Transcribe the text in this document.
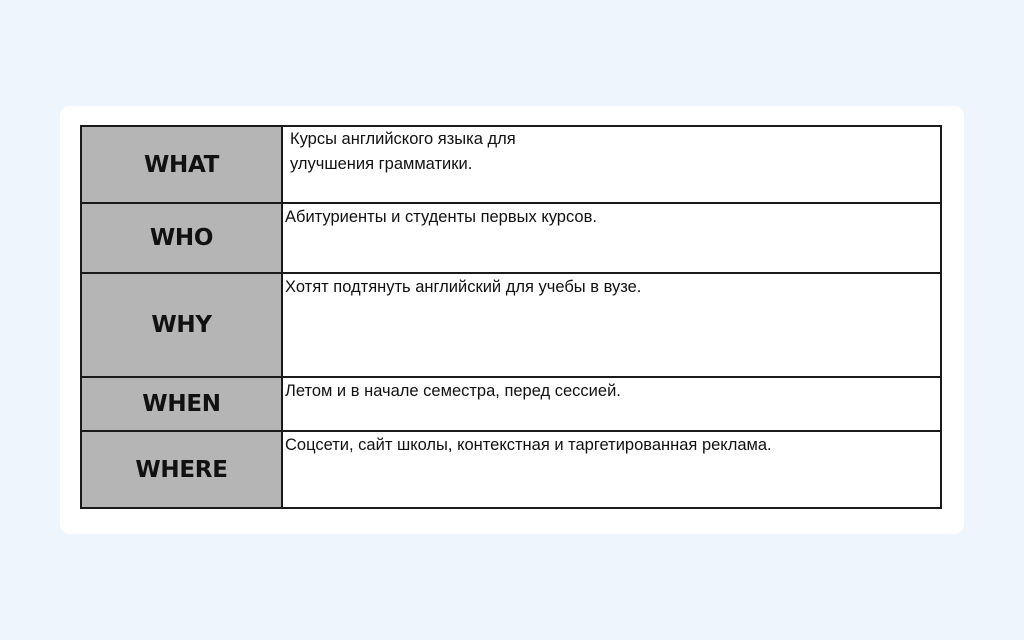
WHAT	Курсы английского языка для улучшения грамматики.

WHO	Абитуриенты и студенты первых курсов.

WHY	Хотят подтянуть английский для учебы в вузе.

WHEN	Летом и в начале семестра, перед сессией.

WHERE	Соцсети, сайт школы, контекстная и таргетированная реклама.
